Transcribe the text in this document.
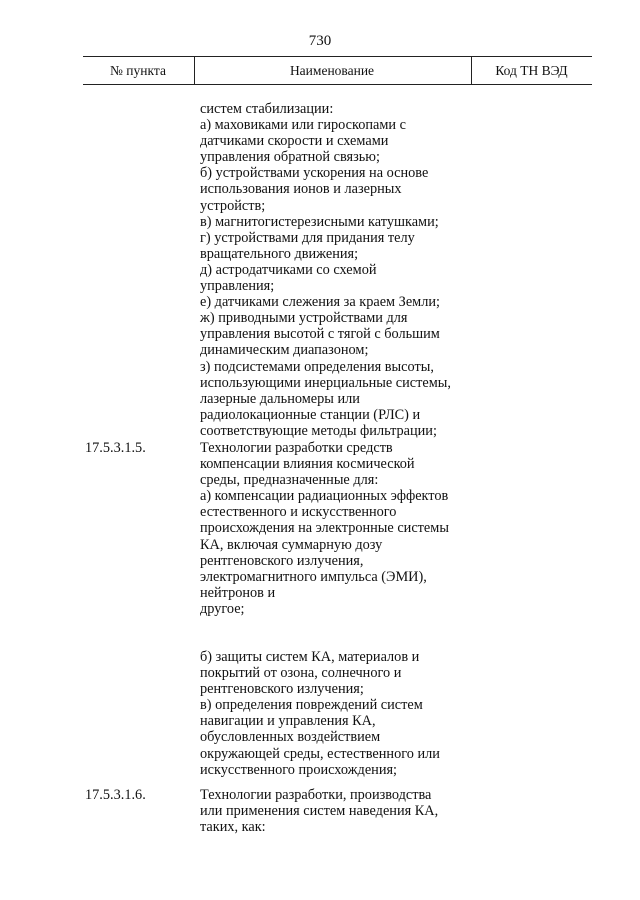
730
№ пункта	Наименование	Код ТН ВЭД
систем стабилизации:
а) маховиками или гироскопами с
датчиками скорости и схемами
управления обратной связью;
б) устройствами ускорения на основе
использования ионов и лазерных
устройств;
в) магнитогистерезисными катушками;
г) устройствами для придания телу
вращательного движения;
д) астродатчиками со схемой
управления;
е) датчиками слежения за краем Земли;
ж) приводными устройствами для
управления высотой с тягой с большим
динамическим диапазоном;
з) подсистемами определения высоты,
использующими инерциальные системы,
лазерные дальномеры или
радиолокационные станции (РЛС) и
соответствующие методы фильтрации;
17.5.3.1.5.	Технологии разработки средств
компенсации влияния космической
среды, предназначенные для:
а) компенсации радиационных эффектов
естественного и искусственного
происхождения на электронные системы
КА, включая суммарную дозу
рентгеновского излучения,
электромагнитного импульса (ЭМИ),
нейтронов и
другое;
б) защиты систем КА, материалов и
покрытий от озона, солнечного и
рентгеновского излучения;
в) определения повреждений систем
навигации и управления КА,
обусловленных воздействием
окружающей среды, естественного или
искусственного происхождения;
17.5.3.1.6.	Технологии разработки, производства
или применения систем наведения КА,
таких, как:
